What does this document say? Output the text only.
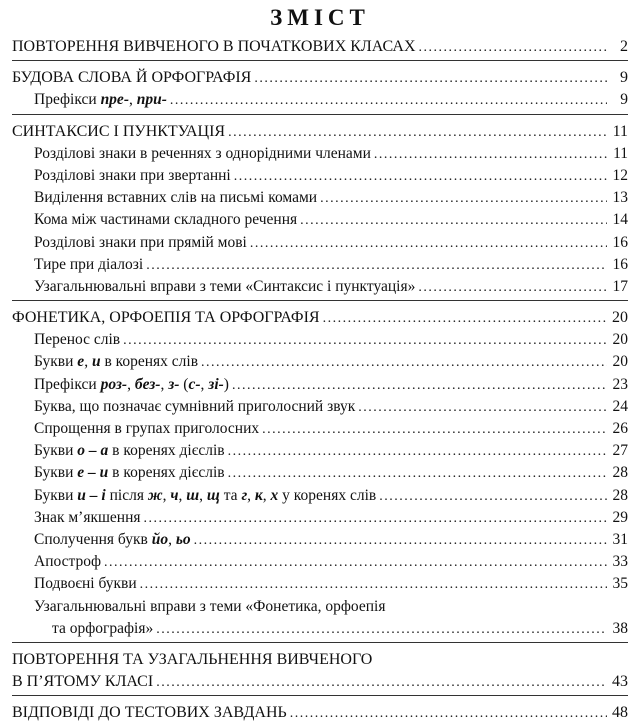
ЗМІСТ
ПОВТОРЕННЯ ВИВЧЕНОГО В ПОЧАТКОВИХ КЛАСАХ . . .	2
БУДОВА СЛОВА Й ОРФОГРАФІЯ . . .	9
Префікси пре-, при- . . .	9
СИНТАКСИС І ПУНКТУАЦІЯ . . .	11
Розділові знаки в реченнях з однорідними членами . . .	11
Розділові знаки при звертанні . . .	12
Виділення вставних слів на письмі комами . . .	13
Кома між частинами складного речення . . .	14
Розділові знаки при прямій мові . . .	16
Тире при діалозі . . .	16
Узагальнювальні вправи з теми «Синтаксис і пунктуація» . . .	17
ФОНЕТИКА, ОРФОЕПІЯ ТА ОРФОГРАФІЯ . . .	20
Перенос слів . . .	20
Букви е, и в коренях слів . . .	20
Префікси роз-, без-, з- (с-, зі-) . . .	23
Буква, що позначає сумнівний приголосний звук . . .	24
Спрощення в групах приголосних . . .	26
Букви о – а в коренях дієслів . . .	27
Букви е – и в коренях дієслів . . .	28
Букви и – і після ж, ч, ш, щ та г, к, х у коренях слів . . .	28
Знак м’якшення . . .	29
Сполучення букв йо, ьо . . .	31
Апостроф . . .	33
Подвоєні букви . . .	35
Узагальнювальні вправи з теми «Фонетика, орфоепія
та орфографія» . . .	38
ПОВТОРЕННЯ ТА УЗАГАЛЬНЕННЯ ВИВЧЕНОГО
В П’ЯТОМУ КЛАСІ . . .	43
ВІДПОВІДІ ДО ТЕСТОВИХ ЗАВДАНЬ . . .	48
